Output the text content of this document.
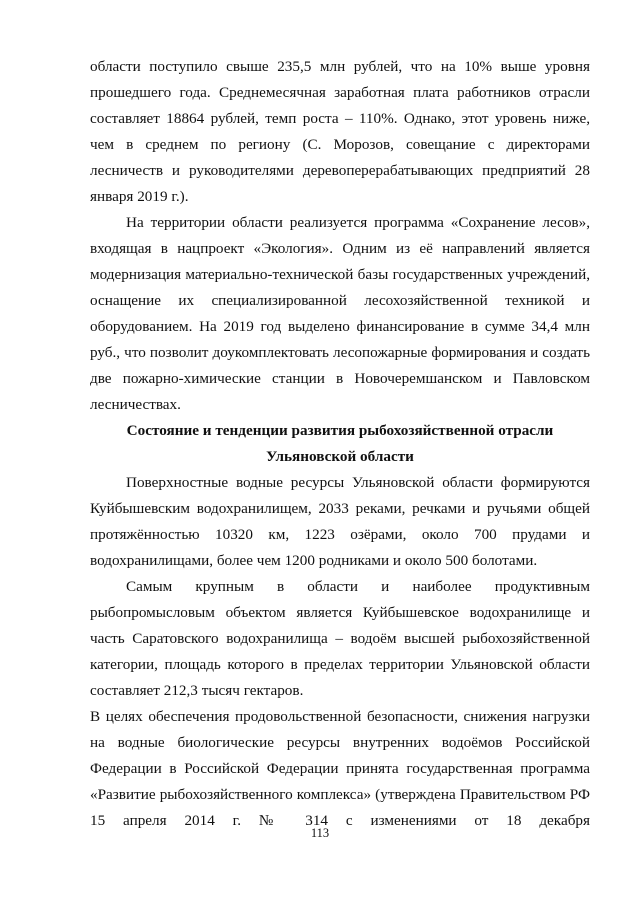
области поступило свыше 235,5 млн рублей, что на 10% выше уровня прошедшего года. Среднемесячная заработная плата работников отрасли составляет 18864 рублей, темп роста – 110%. Однако, этот уровень ниже, чем в среднем по региону (С. Морозов, совещание с директорами лесничеств и руководителями деревоперерабатывающих предприятий 28 января 2019 г.).

На территории области реализуется программа «Сохранение лесов», входящая в нацпроект «Экология». Одним из её направлений является модернизация материально-технической базы государственных учреждений, оснащение их специализированной лесохозяйственной техникой и оборудованием. На 2019 год выделено финансирование в сумме 34,4 млн руб., что позволит доукомплектовать лесопожарные формирования и создать две пожарно-химические станции в Новочеремшанском и Павловском лесничествах.

Состояние и тенденции развития рыбохозяйственной отрасли Ульяновской области

Поверхностные водные ресурсы Ульяновской области формируются Куйбышевским водохранилищем, 2033 реками, речками и ручьями общей протяжённостью 10320 км, 1223 озёрами, около 700 прудами и водохранилищами, более чем 1200 родниками и около 500 болотами.

Самым крупным в области и наиболее продуктивным рыбопромысловым объектом является Куйбышевское водохранилище и часть Саратовского водохранилища – водоём высшей рыбохозяйственной категории, площадь которого в пределах территории Ульяновской области составляет 212,3 тысяч гектаров.

В целях обеспечения продовольственной безопасности, снижения нагрузки на водные биологические ресурсы внутренних водоёмов Российской Федерации в Российской Федерации принята государственная программа «Развитие рыбохозяйственного комплекса» (утверждена Правительством РФ 15 апреля 2014 г. № 314 с изменениями от 18 декабря

113
